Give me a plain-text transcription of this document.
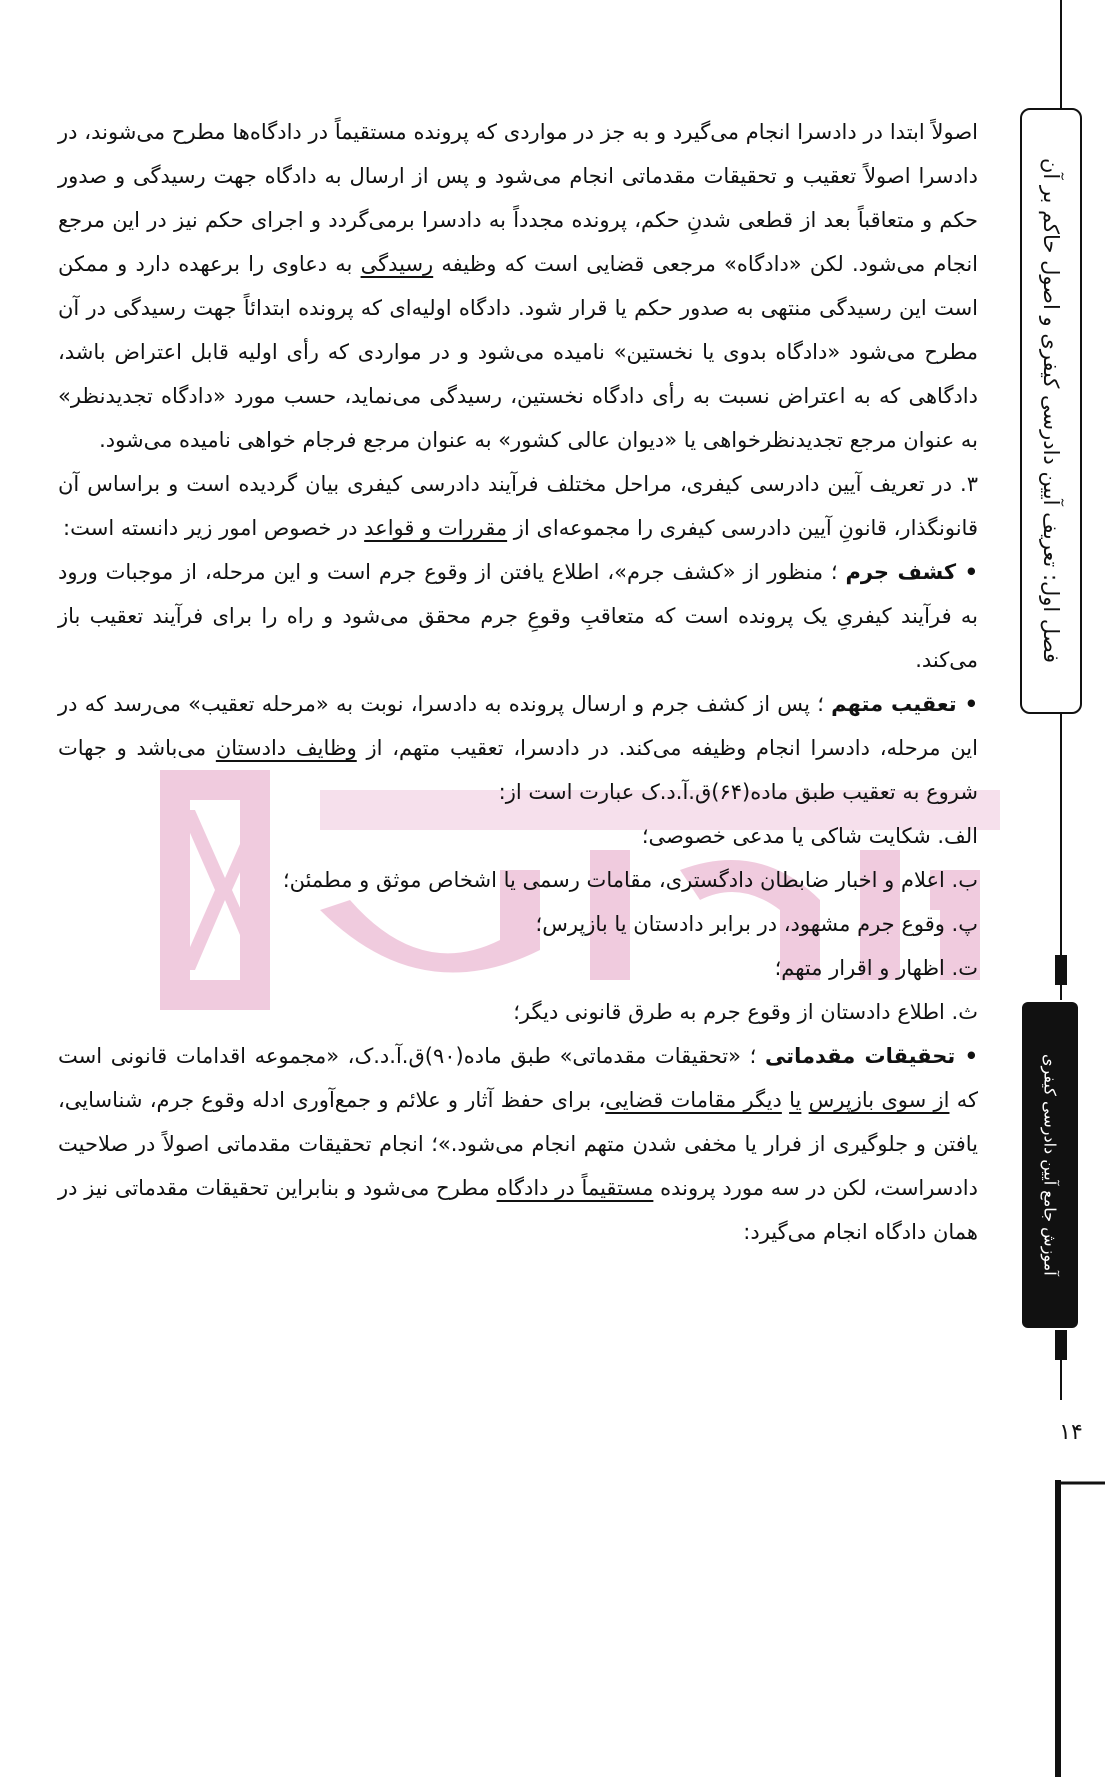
اصولاً ابتدا در دادسرا انجام می‌گیرد و به جز در مواردی که پرونده مستقیماً در دادگاه‌ها مطرح می‌شوند، در دادسرا اصولاً تعقیب و تحقیقات مقدماتی انجام می‌شود و پس از ارسال به دادگاه جهت رسیدگی و صدور حکم و متعاقباً بعد از قطعی شدنِ حکم، پرونده مجدداً به دادسرا برمی‌گردد و اجرای حکم نیز در این مرجع انجام می‌شود. لکن «دادگاه» مرجعی قضایی است که وظیفه رسیدگی به دعاوی را برعهده دارد و ممکن است این رسیدگی منتهی به صدور حکم یا قرار شود. دادگاه اولیه‌ای که پرونده ابتدائاً جهت رسیدگی در آن مطرح می‌شود «دادگاه بدوی یا نخستین» نامیده می‌شود و در مواردی که رأی اولیه قابل اعتراض باشد، دادگاهی که به اعتراض نسبت به رأی دادگاه نخستین، رسیدگی می‌نماید، حسب مورد «دادگاه تجدیدنظر» به عنوان مرجع تجدیدنظرخواهی یا «دیوان عالی کشور» به عنوان مرجع فرجام خواهی نامیده می‌شود.

۳. در تعریف آیین دادرسی کیفری، مراحل مختلف فرآیند دادرسی کیفری بیان گردیده است و براساس آن قانونگذار، قانونِ آیین دادرسی کیفری را مجموعه‌ای از مقررات و قواعد در خصوص امور زیر دانسته است:

• کشف جرم ؛ منظور از «کشف جرم»، اطلاع یافتن از وقوع جرم است و این مرحله، از موجبات ورود به فرآیند کیفریِ یک پرونده است که متعاقبِ وقوعِ جرم محقق می‌شود و راه را برای فرآیند تعقیب باز می‌کند.

• تعقیب متهم ؛ پس از کشف جرم و ارسال پرونده به دادسرا، نوبت به «مرحله تعقیب» می‌رسد که در این مرحله، دادسرا انجام وظیفه می‌کند. در دادسرا، تعقیب متهم، از وظایف دادستان می‌باشد و جهات شروع به تعقیب طبق ماده(۶۴)ق.آ.د.ک عبارت است از:

الف. شکایت شاکی یا مدعی خصوصی؛

ب. اعلام و اخبار ضابطان دادگستری، مقامات رسمی یا اشخاص موثق و مطمئن؛

پ. وقوع جرم مشهود، در برابر دادستان یا بازپرس؛

ت. اظهار و اقرار متهم؛

ث. اطلاع دادستان از وقوع جرم به طرق قانونی دیگر؛

• تحقیقات مقدماتی ؛ «تحقیقات مقدماتی» طبق ماده(۹۰)ق.آ.د.ک، «مجموعه اقدامات قانونی است که از سوی بازپرس یا دیگر مقامات قضایی، برای حفظ آثار و علائم و جمع‌آوری ادله وقوع جرم، شناسایی، یافتن و جلوگیری از فرار یا مخفی شدن متهم انجام می‌شود.»؛ انجام تحقیقات مقدماتی اصولاً در صلاحیت دادسراست، لکن در سه مورد پرونده مستقیماً در دادگاه مطرح می‌شود و بنابراین تحقیقات مقدماتی نیز در همان دادگاه انجام می‌گیرد:

فصل اول: تعریف آیین دادرسی کیفری و اصول حاکم بر آن
آموزش جامع آیین دادرسی کیفری
۱۴
